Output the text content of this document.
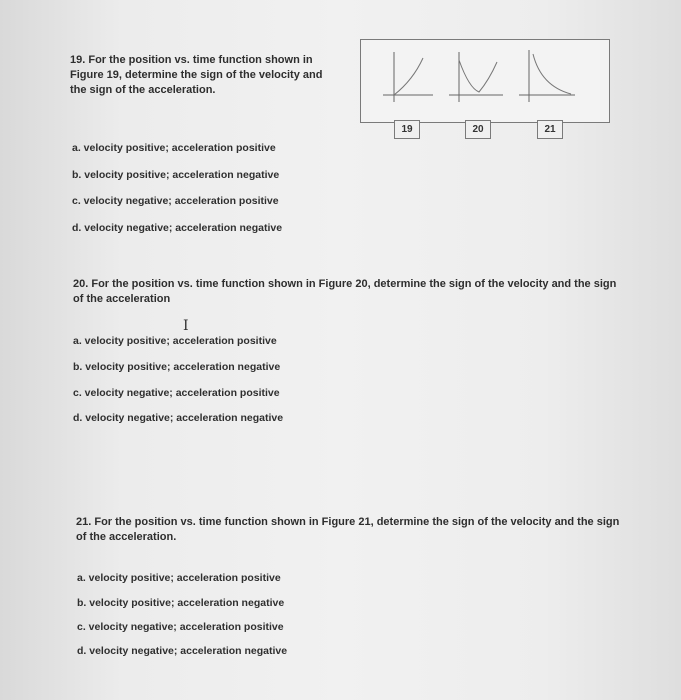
19. For the position vs. time function shown in Figure 19, determine the sign of the velocity and the sign of the acceleration.
19	20	21
a. velocity positive; acceleration positive
b. velocity positive; acceleration negative
c. velocity negative; acceleration positive
d. velocity negative; acceleration negative
20. For the position vs. time function shown in Figure 20, determine the sign of the velocity and the sign of the acceleration
I
a. velocity positive; acceleration positive
b. velocity positive; acceleration negative
c. velocity negative; acceleration positive
d. velocity negative; acceleration negative
21. For the position vs. time function shown in Figure 21, determine the sign of the velocity and the sign of the acceleration.
a. velocity positive; acceleration positive
b. velocity positive; acceleration negative
c. velocity negative; acceleration positive
d. velocity negative; acceleration negative
